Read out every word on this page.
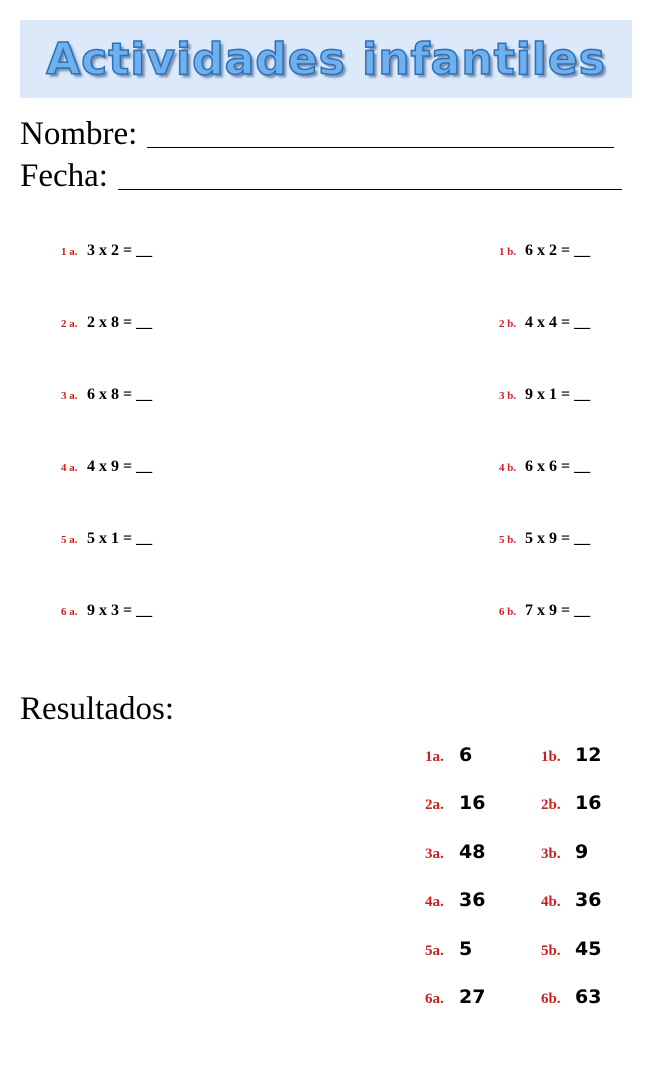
Actividades infantiles
Nombre:
Fecha:
1 a. 3 x 2 = __
2 a. 2 x 8 = __
3 a. 6 x 8 = __
4 a. 4 x 9 = __
5 a. 5 x 1 = __
6 a. 9 x 3 = __
1 b. 6 x 2 = __
2 b. 4 x 4 = __
3 b. 9 x 1 = __
4 b. 6 x 6 = __
5 b. 5 x 9 = __
6 b. 7 x 9 = __
Resultados:
1a. 6
2a. 16
3a. 48
4a. 36
5a. 5
6a. 27
1b. 12
2b. 16
3b. 9
4b. 36
5b. 45
6b. 63
